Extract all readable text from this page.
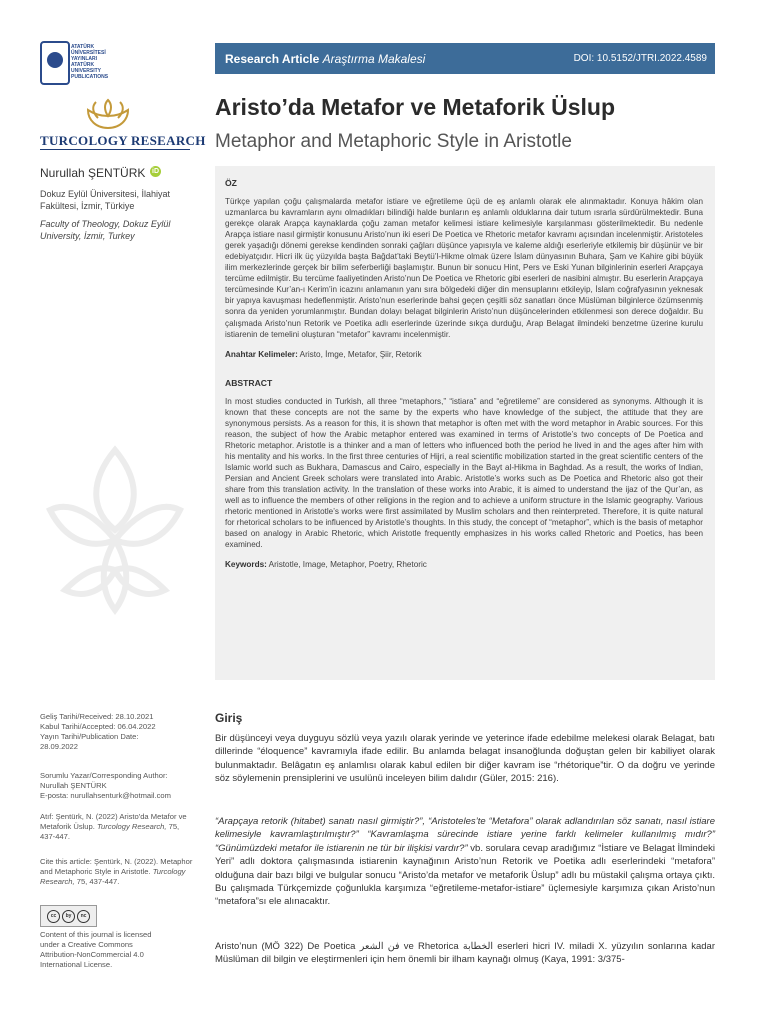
ATATÜRK
ÜNİVERSİTESİ
YAYINLARI
ATATÜRK
UNIVERSITY
PUBLICATIONS
TURCOLOGY RESEARCH
Nurullah ŞENTÜRK iD
Dokuz Eylül Üniversitesi, İlahiyat Fakültesi, İzmir, Türkiye
Faculty of Theology, Dokuz Eylül University, İzmir, Turkey
Geliş Tarihi/Received: 28.10.2021
Kabul Tarihi/Accepted: 06.04.2022
Yayın Tarihi/Publication Date:
28.09.2022
Sorumlu Yazar/Corresponding Author:
Nurullah ŞENTÜRK
E-posta: nurullahsenturk@hotmail.com
Atıf: Şentürk, N. (2022) Aristo'da Metafor ve Metaforik Üslup. Turcology Research, 75, 437-447.
Cite this article: Şentürk, N. (2022). Metaphor and Metaphoric Style in Aristotle. Turcology Research, 75, 437-447.
cc	by	nc
Content of this journal is licensed under a Creative Commons Attribution-NonCommercial 4.0 International License.
Research Article Araştırma Makalesi	DOI: 10.5152/JTRI.2022.4589
Aristo’da Metafor ve Metaforik Üslup
Metaphor and Metaphoric Style in Aristotle
ÖZ

Türkçe yapılan çoğu çalışmalarda metafor istiare ve eğretileme üçü de eş anlamlı olarak ele alınmaktadır. Konuya hâkim olan uzmanlarca bu kavramların aynı olmadıkları bilindiği halde bunların eş anlamlı olduklarına dair tutum ısrarla sürdürülmektedir. Buna gerekçe olarak Arapça kaynaklarda çoğu zaman metafor kelimesi istiare kelimesiyle karşılanması gösterilmektedir. Bu nedenle Arapça istiare nasıl girmiştir konusunu Aristo’nun iki eseri De Poetica ve Rhetoric metafor kavramı açısından incelenmiştir. Aristoteles gerek yaşadığı dönemi gerekse kendinden sonraki çağları düşünce yapısıyla ve kaleme aldığı eserleriyle etkilemiş bir düşünür ve bir edebiyatçıdır. Hicri ilk üç yüzyılda başta Bağdat’taki Beytü’l-Hikme olmak üzere İslam dünyasının Buhara, Şam ve Kahire gibi büyük ilim merkezlerinde gerçek bir bilim seferberliği başlamıştır. Bunun bir sonucu Hint, Pers ve Eski Yunan bilginlerinin eserleri Arapçaya tercüme edilmiştir. Bu tercüme faaliyetinden Aristo’nun De Poetica ve Rhetoric gibi eserleri de nasibini almıştır. Bu eserlerin Arapçaya tercümesinde Kur’an-ı Kerim’in icazını anlamanın yanı sıra bölgedeki diğer din mensuplarını etkileyip, İslam coğrafyasının yeknesak bir yapıya kavuşması hedeflenmiştir. Aristo’nun eserlerinde bahsi geçen çeşitli söz sanatları önce Müslüman bilginlerce özümsenmiş sonra da yeniden yorumlanmıştır. Bundan dolayı belagat bilginlerin Aristo’nun düşüncelerinden etkilenmesi son derece doğaldır. Bu çalışmada Aristo’nun Retorik ve Poetika adlı eserlerinde üzerinde sıkça durduğu, Arap Belagat ilmindeki benzetme üzerine kurulu istiarenin de temelini oluşturan “metafor” kavramı incelenmiştir.

Anahtar Kelimeler: Aristo, İmge, Metafor, Şiir, Retorik

ABSTRACT

In most studies conducted in Turkish, all three “metaphors,” “istiara” and “eğretileme” are considered as synonyms. Although it is known that these concepts are not the same by the experts who have knowledge of the subject, the attitude that they are synonymous persists. As a reason for this, it is shown that metaphor is often met with the word metaphor in Arabic sources. For this reason, the subject of how the Arabic metaphor entered was examined in terms of Aristotle’s two concepts of De Poetica and Rhetoric metaphor. Aristotle is a thinker and a man of letters who influenced both the period he lived in and the ages after him with his mentality and his works. In the first three centuries of Hijri, a real scientific mobilization started in the great scientific centers of the Islamic world such as Bukhara, Damascus and Cairo, especially in the Bayt al-Hikma in Baghdad. As a result, the works of Indian, Persian and Ancient Greek scholars were translated into Arabic. Aristotle’s works such as De Poetica and Rhetoric also got their share from this translation activity. In the translation of these works into Arabic, it is aimed to understand the ijaz of the Qur’an, as well as to influence the members of other religions in the region and to achieve a uniform structure in the Islamic geography. Various rhetoric mentioned in Aristotle’s works were first assimilated by Muslim scholars and then reinterpreted. Therefore, it is quite natural for rhetorical scholars to be influenced by Aristotle’s thoughts. In this study, the concept of “metaphor”, which is the basis of metaphor based on analogy in Arabic Rhetoric, which Aristotle frequently emphasizes in his works called Rhetoric and Poetics, has been examined.

Keywords: Aristotle, Image, Metaphor, Poetry, Rhetoric

Giriş

Bir düşünceyi veya duyguyu sözlü veya yazılı olarak yerinde ve yeterince ifade edebilme melekesi olarak Belagat, batı dillerinde “éloquence” kavramıyla ifade edilir. Bu anlamda belagat insanoğlunda doğuştan gelen bir kabiliyet olarak bulunmaktadır. Belâgatın eş anlamlısı olarak kabul edilen bir diğer kavram ise “rhétorique”tir. O da doğru ve yerinde söz söylemenin prensiplerini ve usulünü inceleyen bilim dalıdır (Güler, 2015: 216).

“Arapçaya retorik (hitabet) sanatı nasıl girmiştir?”, “Aristoteles’te “Metafora” olarak adlandırılan söz sanatı, nasıl istiare kelimesiyle kavramlaştırılmıştır?” “Kavramlaşma sürecinde istiare yerine farklı kelimeler kullanılmış mıdır?” “Günümüzdeki metafor ile istiarenin ne tür bir ilişkisi vardır?” vb. sorulara cevap aradığımız “İstiare ve Belagat İlmindeki Yeri” adlı doktora çalışmasında istiarenin kaynağının Aristo’nun Retorik ve Poetika adlı eserlerindeki “metafora” olduğuna dair bazı bilgi ve bulgular sonucu “Aristo’da metafor ve metaforik Üslup” adlı bu müstakil çalışma ortaya çıktı. Bu çalışmada Türkçemizde çoğunlukla karşımıza “eğretileme-metafor-istiare” üçlemesiyle karşımıza çıkan Aristo’nun “metafora”sı ele alınacaktır.

Aristo’nun (MÖ 322) De Poetica فن الشعر ve Rhetorica الخطابة eserleri hicri IV. miladi X. yüzyılın sonlarına kadar Müslüman dil bilgin ve eleştirmenleri için hem önemli bir ilham kaynağı olmuş (Kaya, 1991: 3/375-
